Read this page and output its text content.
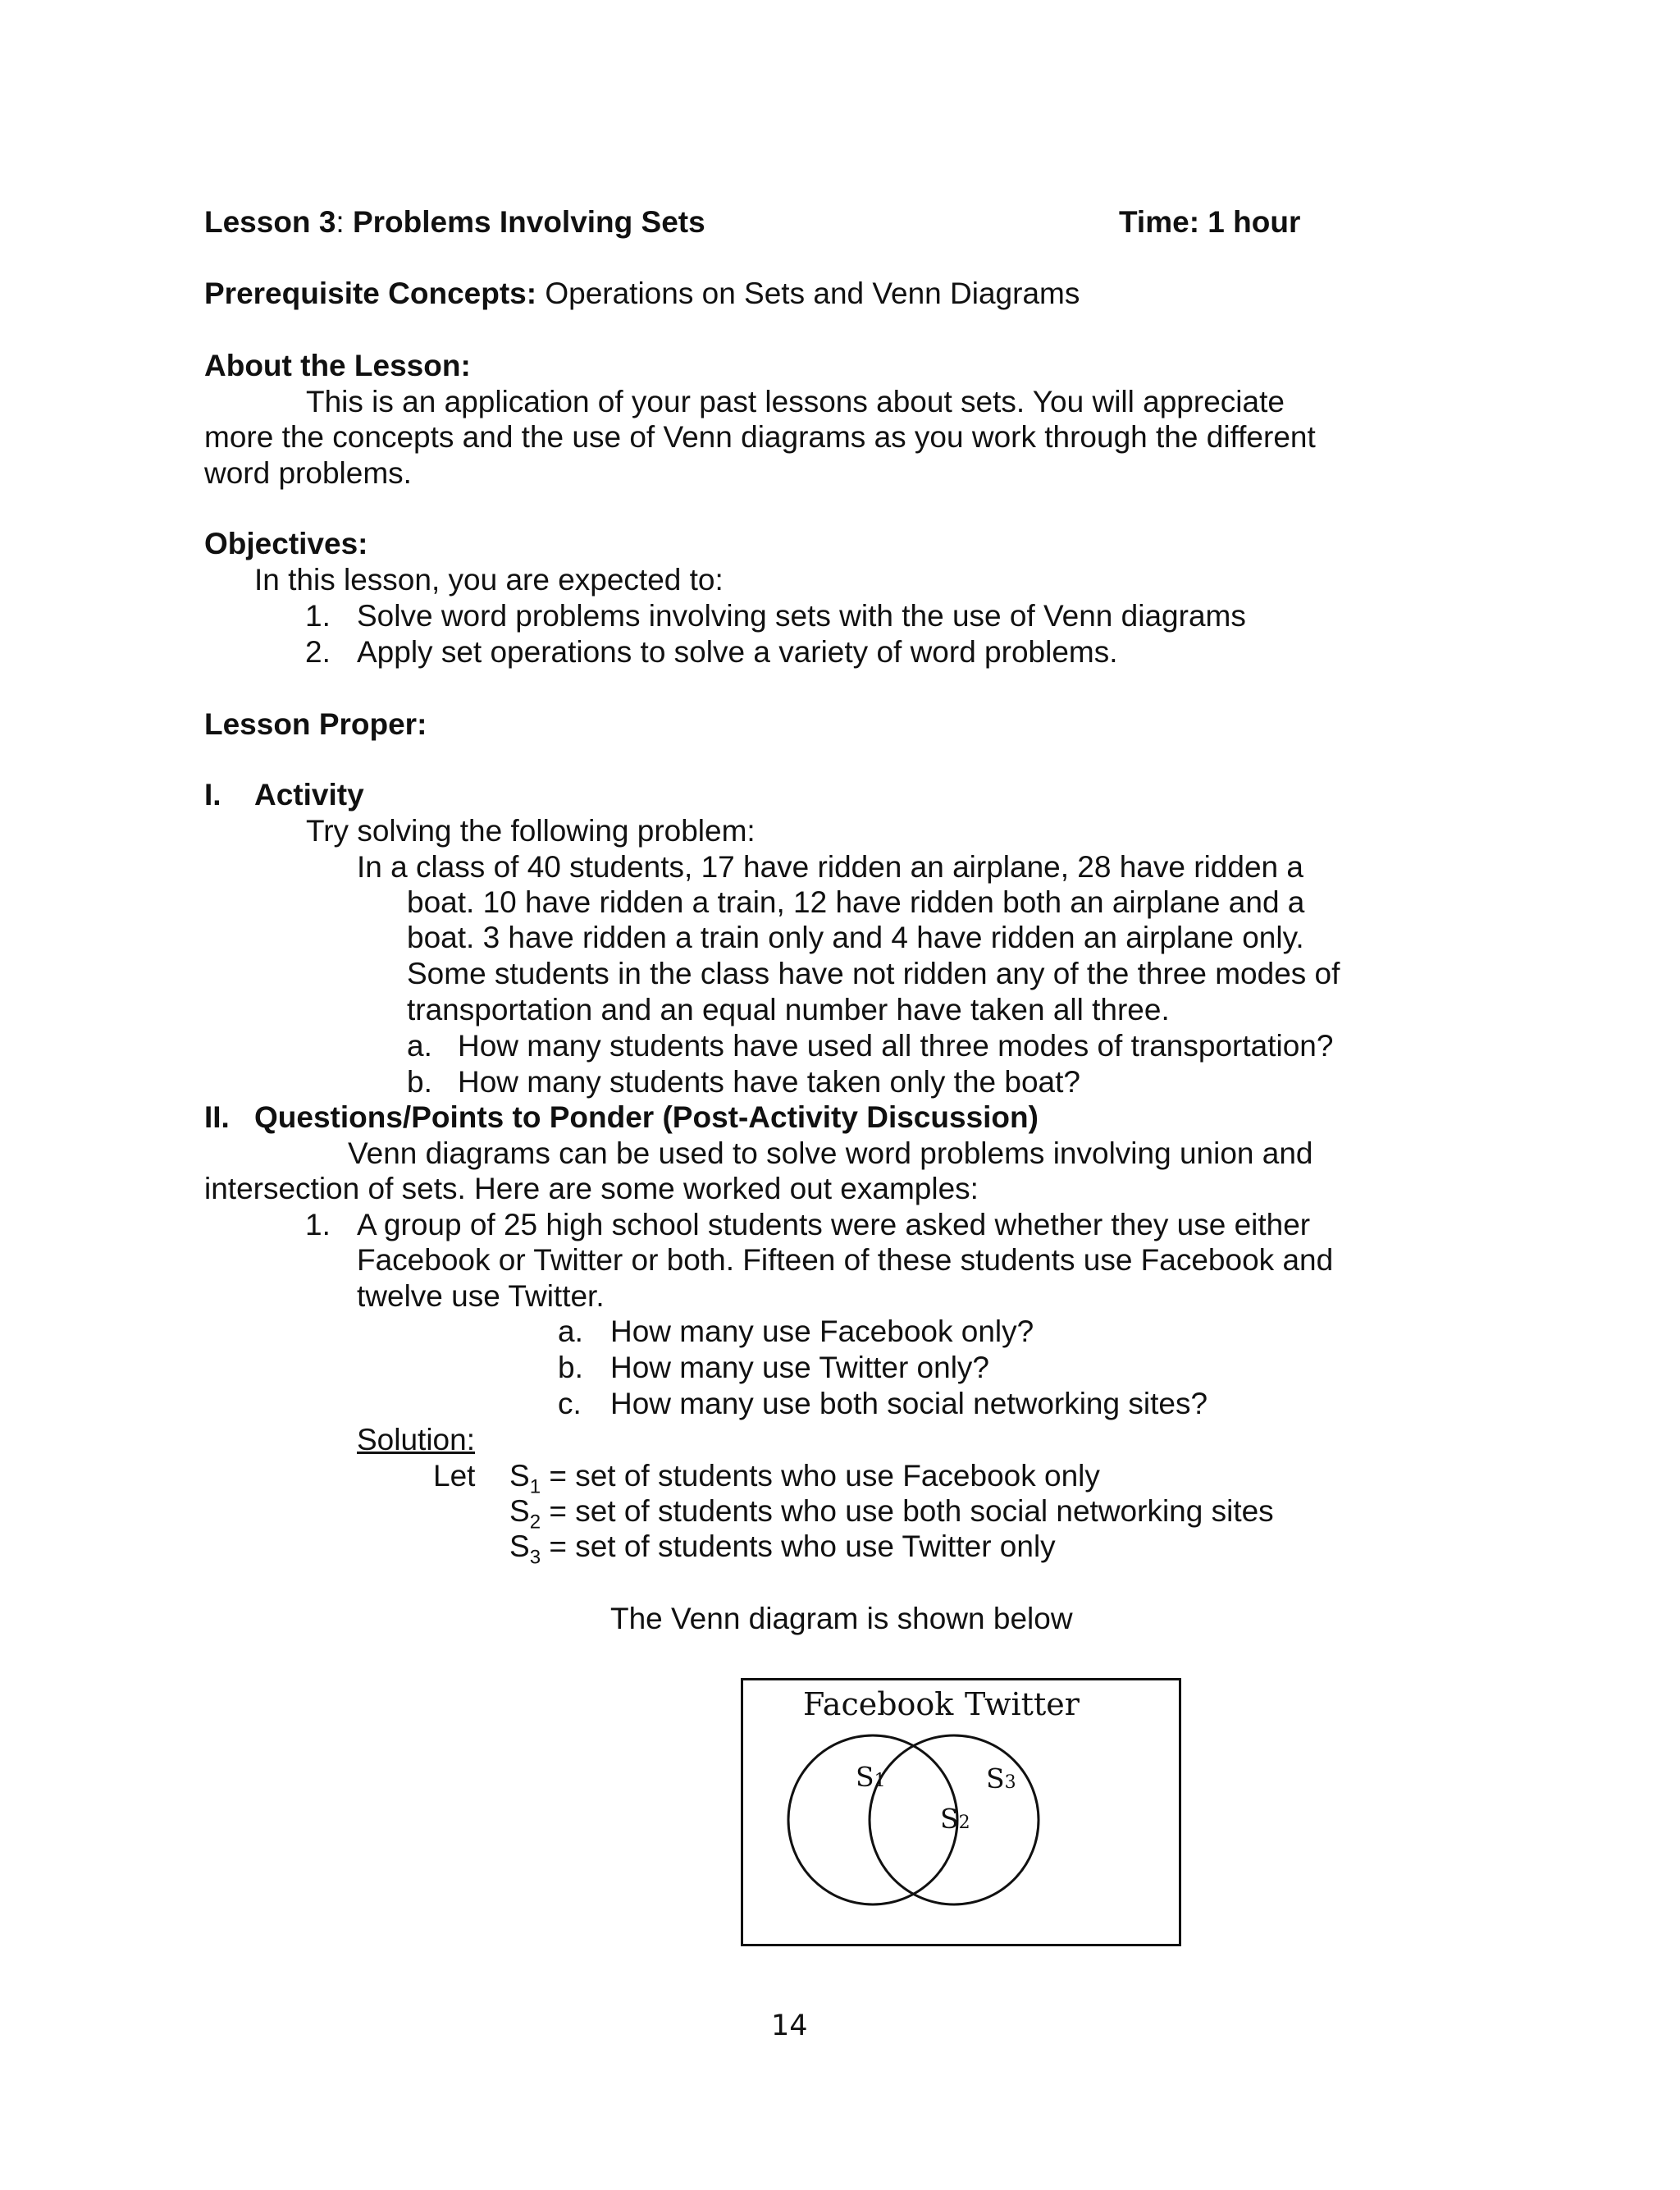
Lesson 3: Problems Involving Sets	Time: 1 hour
Prerequisite Concepts: Operations on Sets and Venn Diagrams
About the Lesson:
This is an application of your past lessons about sets. You will appreciate
more the concepts and the use of Venn diagrams as you work through the different
word problems.
Objectives:
In this lesson, you are expected to:
1. Solve word problems involving sets with the use of Venn diagrams
2. Apply set operations to solve a variety of word problems.
Lesson Proper:
I. Activity
Try solving the following problem:
In a class of 40 students, 17 have ridden an airplane, 28 have ridden a
boat. 10 have ridden a train, 12 have ridden both an airplane and a
boat. 3 have ridden a train only and 4 have ridden an airplane only.
Some students in the class have not ridden any of the three modes of
transportation and an equal number have taken all three.
a. How many students have used all three modes of transportation?
b. How many students have taken only the boat?
II. Questions/Points to Ponder (Post-Activity Discussion)
Venn diagrams can be used to solve word problems involving union and
intersection of sets. Here are some worked out examples:
1. A group of 25 high school students were asked whether they use either
Facebook or Twitter or both. Fifteen of these students use Facebook and
twelve use Twitter.
a. How many use Facebook only?
b. How many use Twitter only?
c. How many use both social networking sites?
Solution:
Let $S_1$ = set of students who use Facebook only
$S_2$ = set of students who use both social networking sites
$S_3$ = set of students who use Twitter only
The Venn diagram is shown below
Facebook Twitter
S1
S2
S3
14
